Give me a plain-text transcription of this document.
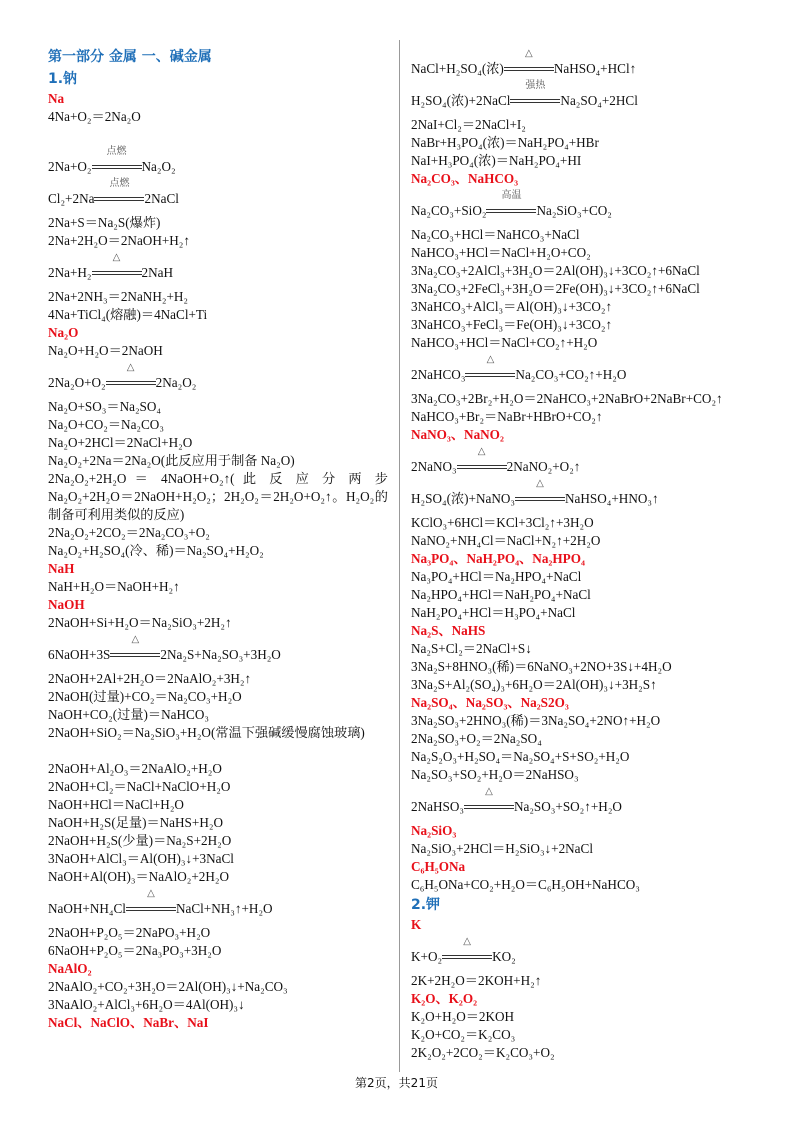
第一部分 金属 一、碱金属
1.钠
Na
4Na+O₂＝2Na₂O
2Na+O₂
点燃
Na₂O₂
Cl₂+2Na
点燃
2NaCl
2Na+S＝Na₂S(爆炸)
2Na+2H₂O＝2NaOH+H₂↑
2Na+H₂
△
2NaH
2Na+2NH₃＝2NaNH₂+H₂
4Na+TiCl₄(熔融)＝4NaCl+Ti
Na₂O
Na₂O+H₂O＝2NaOH
2Na₂O+O₂
△
2Na₂O₂
Na₂O+SO₃＝Na₂SO₄
Na₂O+CO₂＝Na₂CO₃
Na₂O+2HCl＝2NaCl+H₂O
Na₂O₂+2Na＝2Na₂O(此反应用于制备 Na₂O)
2Na₂O₂+2H₂O ＝ 4NaOH+O₂↑( 此 反 应 分 两 步 Na₂O₂+2H₂O＝2NaOH+H₂O₂；2H₂O₂＝2H₂O+O₂↑。H₂O₂的制备可利用类似的反应)
2Na₂O₂+2CO₂＝2Na₂CO₃+O₂
Na₂O₂+H₂SO₄(冷、稀)＝Na₂SO₄+H₂O₂
NaH
NaH+H₂O＝NaOH+H₂↑
NaOH
2NaOH+Si+H₂O＝Na₂SiO₃+2H₂↑
6NaOH+3S
△
2Na₂S+Na₂SO₃+3H₂O
2NaOH+2Al+2H₂O＝2NaAlO₂+3H₂↑
2NaOH(过量)+CO₂＝Na₂CO₃+H₂O
NaOH+CO₂(过量)＝NaHCO₃
2NaOH+SiO₂＝Na₂SiO₃+H₂O(常温下强碱缓慢腐蚀玻璃)
2NaOH+Al₂O₃＝2NaAlO₂+H₂O
2NaOH+Cl₂＝NaCl+NaClO+H₂O
NaOH+HCl＝NaCl+H₂O
NaOH+H₂S(足量)＝NaHS+H₂O
2NaOH+H₂S(少量)＝Na₂S+2H₂O
3NaOH+AlCl₃＝Al(OH)₃↓+3NaCl
NaOH+Al(OH)₃＝NaAlO₂+2H₂O
NaOH+NH₄Cl
△
NaCl+NH₃↑+H₂O
2NaOH+P₂O₅＝2NaPO₃+H₂O
6NaOH+P₂O₅＝2Na₃PO₃+3H₂O
NaAlO₂
2NaAlO₂+CO₂+3H₂O＝2Al(OH)₃↓+Na₂CO₃
3NaAlO₂+AlCl₃+6H₂O＝4Al(OH)₃↓
NaCl、NaClO、NaBr、NaI
NaCl+H₂SO₄(浓)
△
NaHSO₄+HCl↑
H₂SO₄(浓)+2NaCl
强热
Na₂SO₄+2HCl
2NaI+Cl₂＝2NaCl+I₂
NaBr+H₃PO₄(浓)＝NaH₂PO₄+HBr
NaI+H₃PO₄(浓)＝NaH₂PO₄+HI
Na₂CO₃、NaHCO₃
Na₂CO₃+SiO₂
高温
Na₂SiO₃+CO₂
Na₂CO₃+HCl＝NaHCO₃+NaCl
NaHCO₃+HCl＝NaCl+H₂O+CO₂
3Na₂CO₃+2AlCl₃+3H₂O＝2Al(OH)₃↓+3CO₂↑+6NaCl
3Na₂CO₃+2FeCl₃+3H₂O＝2Fe(OH)₃↓+3CO₂↑+6NaCl
3NaHCO₃+AlCl₃＝Al(OH)₃↓+3CO₂↑
3NaHCO₃+FeCl₃＝Fe(OH)₃↓+3CO₂↑
NaHCO₃+HCl＝NaCl+CO₂↑+H₂O
2NaHCO₃
△
Na₂CO₃+CO₂↑+H₂O
3Na₂CO₃+2Br₂+H₂O＝2NaHCO₃+2NaBrO+2NaBr+CO₂↑
NaHCO₃+Br₂＝NaBr+HBrO+CO₂↑
NaNO₃、NaNO₂
2NaNO₃
△
2NaNO₂+O₂↑
H₂SO₄(浓)+NaNO₃
△
NaHSO₄+HNO₃↑
KClO₃+6HCl＝KCl+3Cl₂↑+3H₂O
NaNO₂+NH₄Cl＝NaCl+N₂↑+2H₂O
Na₃PO₄、NaH₂PO₄、Na₂HPO₄
Na₃PO₄+HCl＝Na₂HPO₄+NaCl
Na₂HPO₄+HCl＝NaH₂PO₄+NaCl
NaH₂PO₄+HCl＝H₃PO₄+NaCl
Na₂S、NaHS
Na₂S+Cl₂＝2NaCl+S↓
3Na₂S+8HNO₃(稀)＝6NaNO₃+2NO+3S↓+4H₂O
3Na₂S+Al₂(SO₄)₃+6H₂O＝2Al(OH)₃↓+3H₂S↑
Na₂SO₄、Na₂SO₃、Na₂S2O₃
3Na₂SO₃+2HNO₃(稀)＝3Na₂SO₄+2NO↑+H₂O
2Na₂SO₃+O₂＝2Na₂SO₄
Na₂S₂O₃+H₂SO₄＝Na₂SO₄+S+SO₂+H₂O
Na₂SO₃+SO₂+H₂O＝2NaHSO₃
2NaHSO₃
△
Na₂SO₃+SO₂↑+H₂O
Na₂SiO₃
Na₂SiO₃+2HCl＝H₂SiO₃↓+2NaCl
C₆H₅ONa
C₆H₅ONa+CO₂+H₂O＝C₆H₅OH+NaHCO₃
2.钾
K
K+O₂
△
KO₂
2K+2H₂O＝2KOH+H₂↑
K₂O、K₂O₂
K₂O+H₂O＝2KOH
K₂O+CO₂＝K₂CO₃
2K₂O₂+2CO₂＝K₂CO₃+O₂
第2页，共21页
